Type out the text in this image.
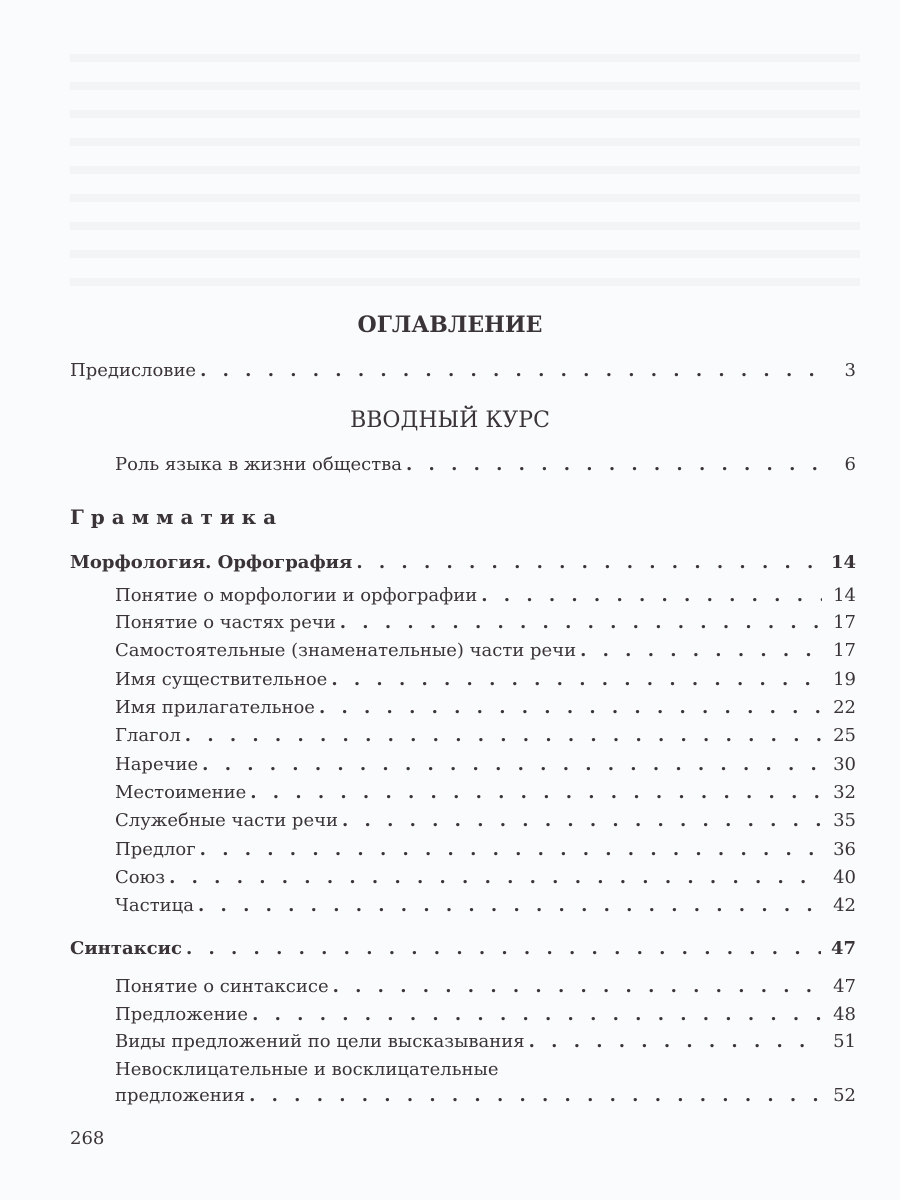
ОГЛАВЛЕНИЕ
Предисловие . . .	3
ВВОДНЫЙ КУРС
Роль языка в жизни общества . . .	6
Грамматика
Морфология. Орфография . . .	14
Понятие о морфологии и орфографии . . .	14
Понятие о частях речи . . .	17
Самостоятельные (знаменательные) части речи . . .	17
Имя существительное . . .	19
Имя прилагательное . . .	22
Глагол . . .	25
Наречие . . .	30
Местоимение . . .	32
Служебные части речи . . .	35
Предлог . . .	36
Союз . . .	40
Частица . . .	42
Синтаксис . . .	47
Понятие о синтаксисе . . .	47
Предложение . . .	48
Виды предложений по цели высказывания . . .	51
Невосклицательные и восклицательные
предложения . . .	52
268
